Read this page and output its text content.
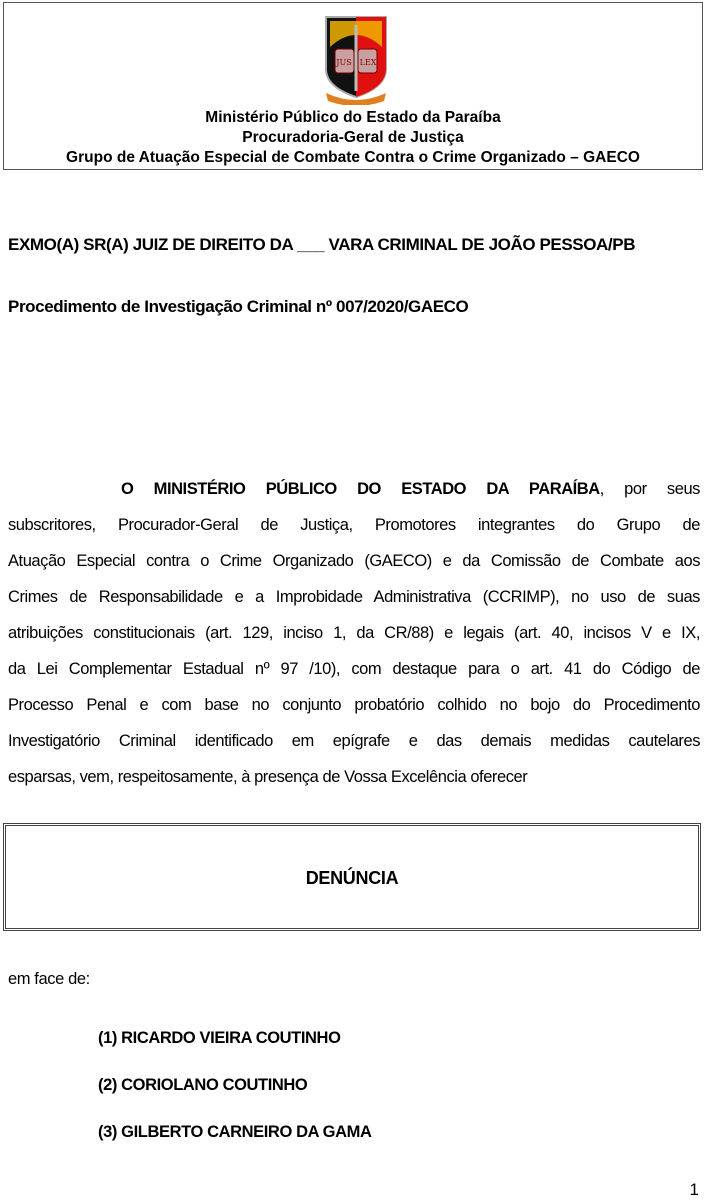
JUS LEX
Ministério Público do Estado da Paraíba
Procuradoria-Geral de Justiça
Grupo de Atuação Especial de Combate Contra o Crime Organizado – GAECO
EXMO(A) SR(A) JUIZ DE DIREITO DA ___ VARA CRIMINAL DE JOÃO PESSOA/PB
Procedimento de Investigação Criminal nº 007/2020/GAECO
O MINISTÉRIO PÚBLICO DO ESTADO DA PARAÍBA, por seus
subscritores, Procurador-Geral de Justiça, Promotores integrantes do Grupo de
Atuação Especial contra o Crime Organizado (GAECO) e da Comissão de Combate aos
Crimes de Responsabilidade e a Improbidade Administrativa (CCRIMP), no uso de suas
atribuições constitucionais (art. 129, inciso 1, da CR/88) e legais (art. 40, incisos V e IX,
da Lei Complementar Estadual nº 97 /10), com destaque para o art. 41 do Código de
Processo Penal e com base no conjunto probatório colhido no bojo do Procedimento
Investigatório Criminal identificado em epígrafe e das demais medidas cautelares
esparsas, vem, respeitosamente, à presença de Vossa Excelência oferecer
DENÚNCIA
em face de:
(1) RICARDO VIEIRA COUTINHO
(2) CORIOLANO COUTINHO
(3) GILBERTO CARNEIRO DA GAMA
1
